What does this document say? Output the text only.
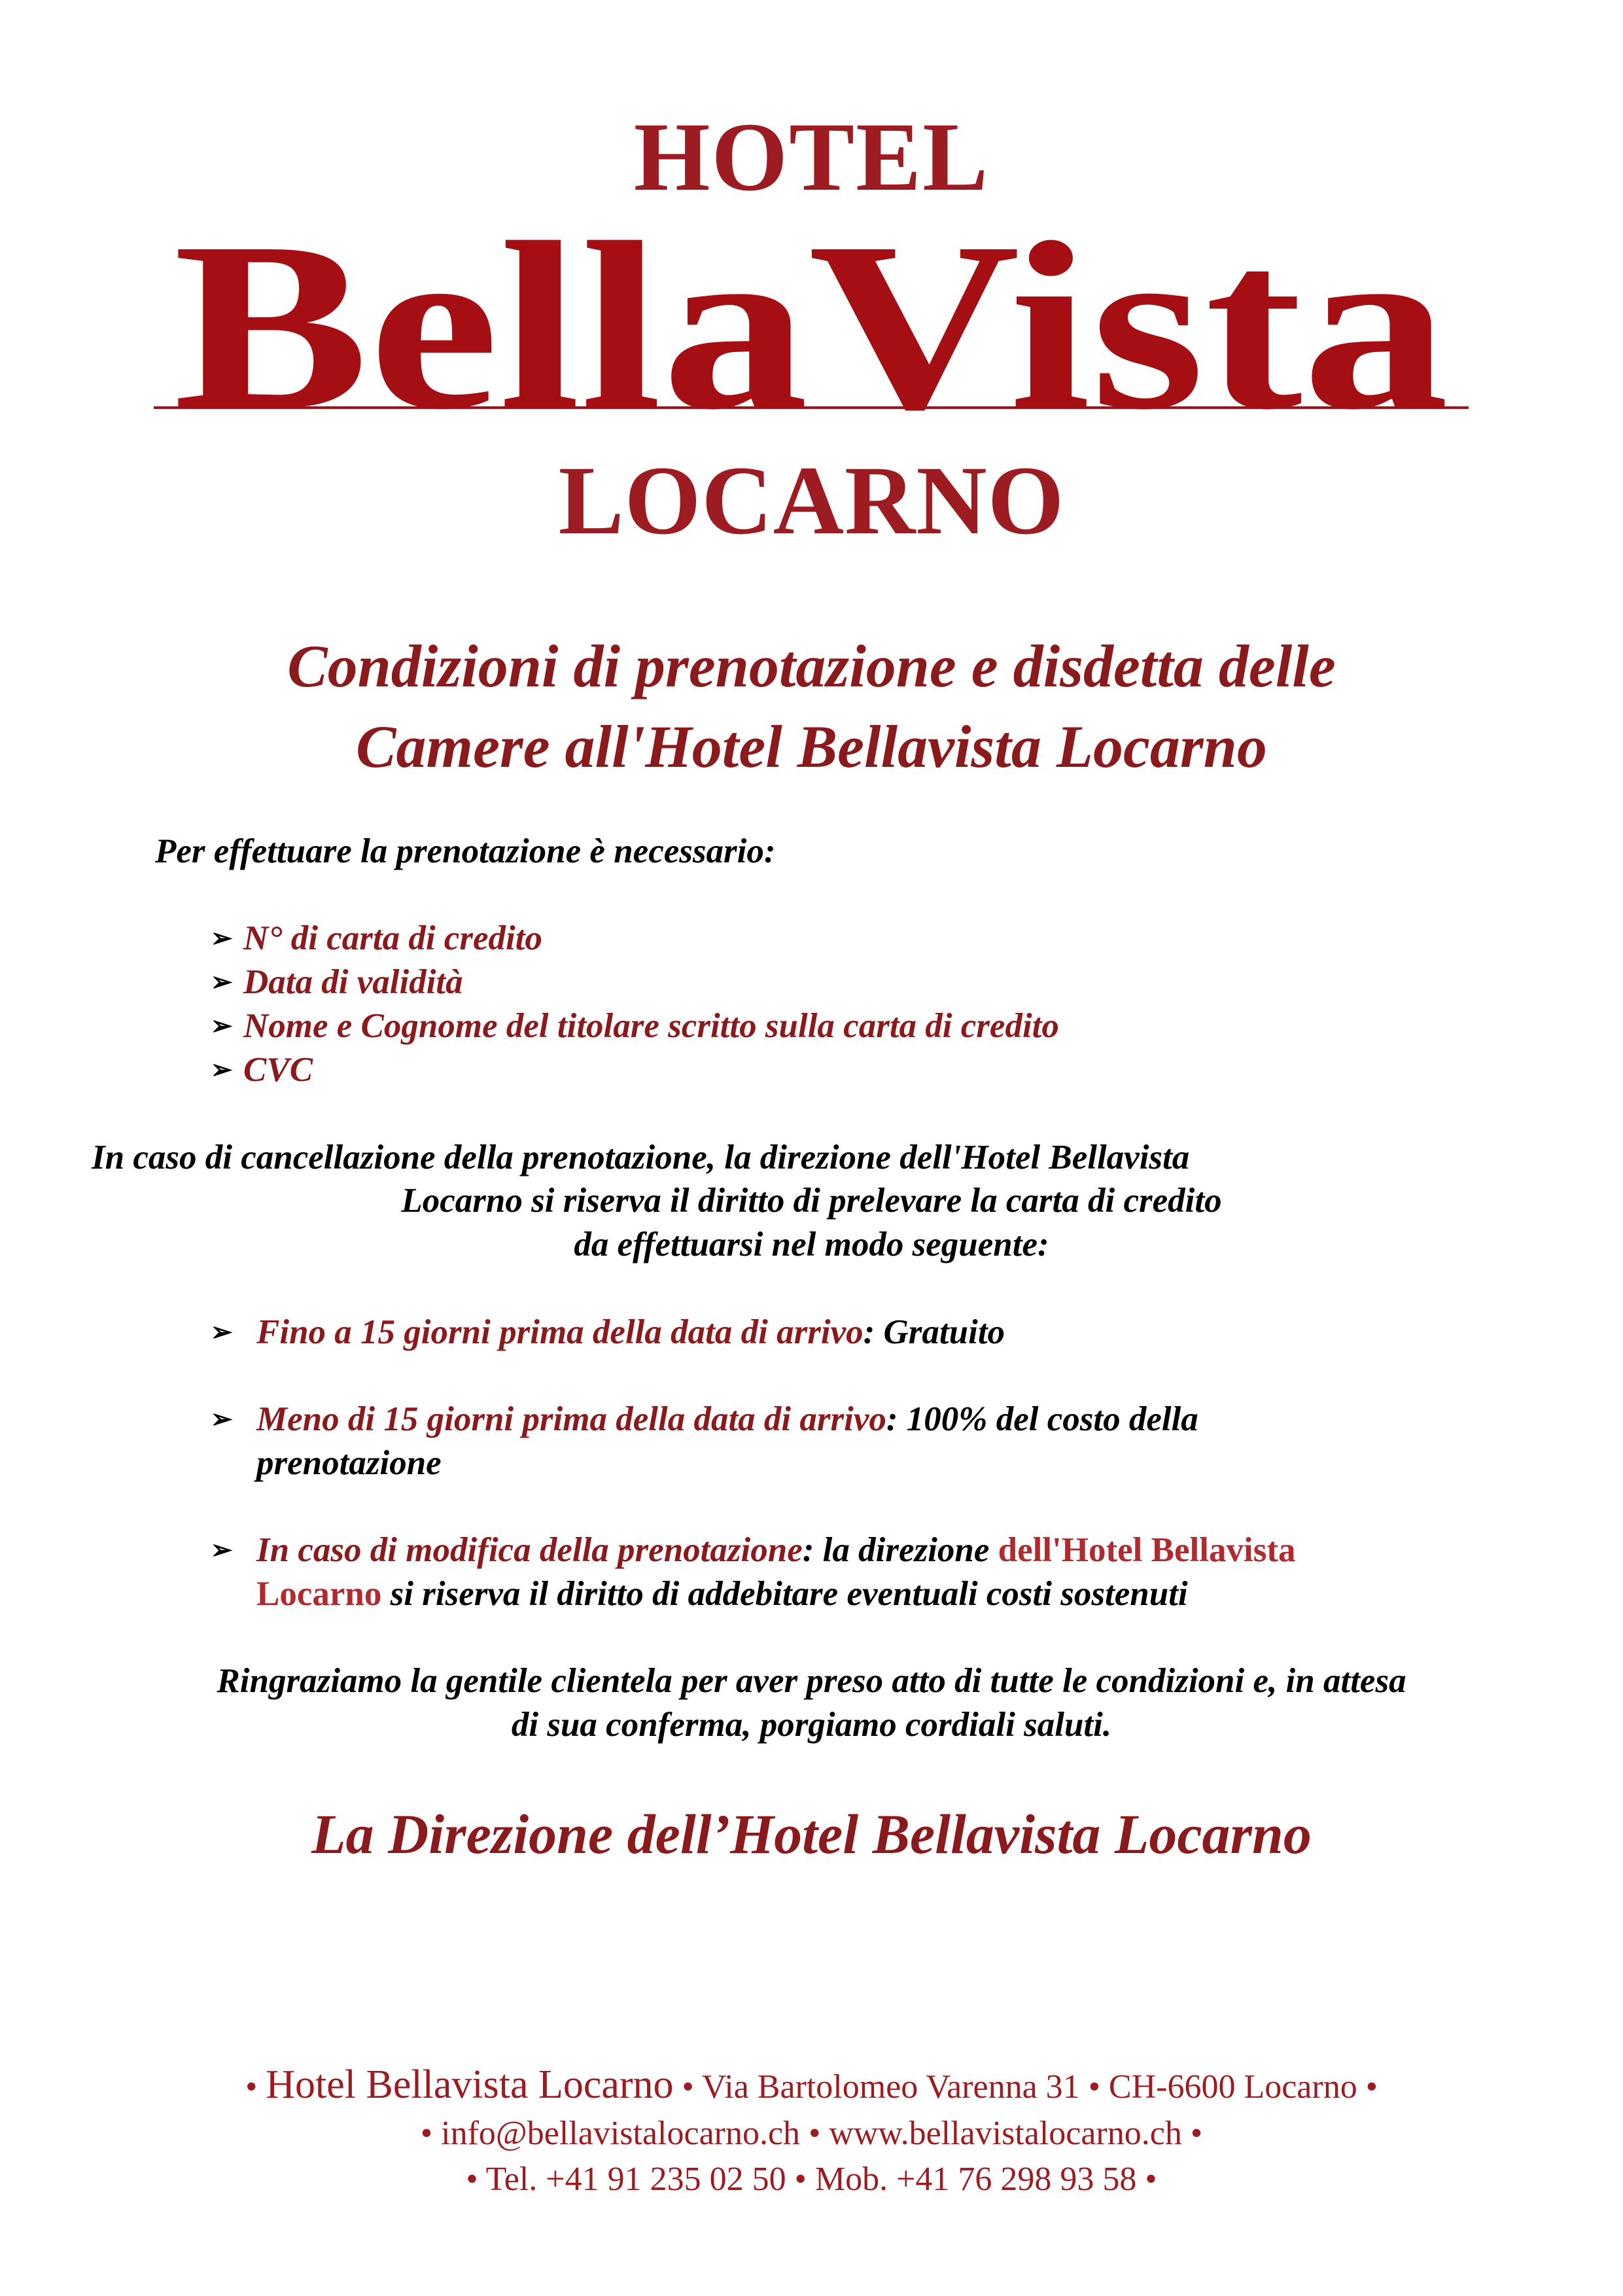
HOTEL
BellaVista
LOCARNO
Condizioni di prenotazione e disdetta delle
Camere all'Hotel Bellavista Locarno
Per effettuare la prenotazione è necessario:
➢ N° di carta di credito
➢ Data di validità
➢ Nome e Cognome del titolare scritto sulla carta di credito
➢ CVC
In caso di cancellazione della prenotazione, la direzione dell'Hotel Bellavista
Locarno si riserva il diritto di prelevare la carta di credito
da effettuarsi nel modo seguente:
➢ Fino a 15 giorni prima della data di arrivo: Gratuito
➢ Meno di 15 giorni prima della data di arrivo: 100% del costo della
prenotazione
➢ In caso di modifica della prenotazione: la direzione dell'Hotel Bellavista
Locarno si riserva il diritto di addebitare eventuali costi sostenuti
Ringraziamo la gentile clientela per aver preso atto di tutte le condizioni e, in attesa
di sua conferma, porgiamo cordiali saluti.
La Direzione dell’Hotel Bellavista Locarno
• Hotel Bellavista Locarno • Via Bartolomeo Varenna 31 • CH-6600 Locarno •
• info@bellavistalocarno.ch • www.bellavistalocarno.ch •
• Tel. +41 91 235 02 50 • Mob. +41 76 298 93 58 •
